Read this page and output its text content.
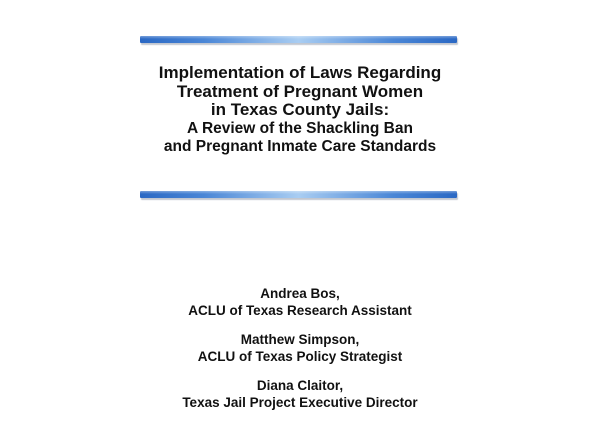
Implementation of Laws Regarding
Treatment of Pregnant Women
in Texas County Jails:
A Review of the Shackling Ban
and Pregnant Inmate Care Standards
Andrea Bos,
ACLU of Texas Research Assistant
Matthew Simpson,
ACLU of Texas Policy Strategist
Diana Claitor,
Texas Jail Project Executive Director
